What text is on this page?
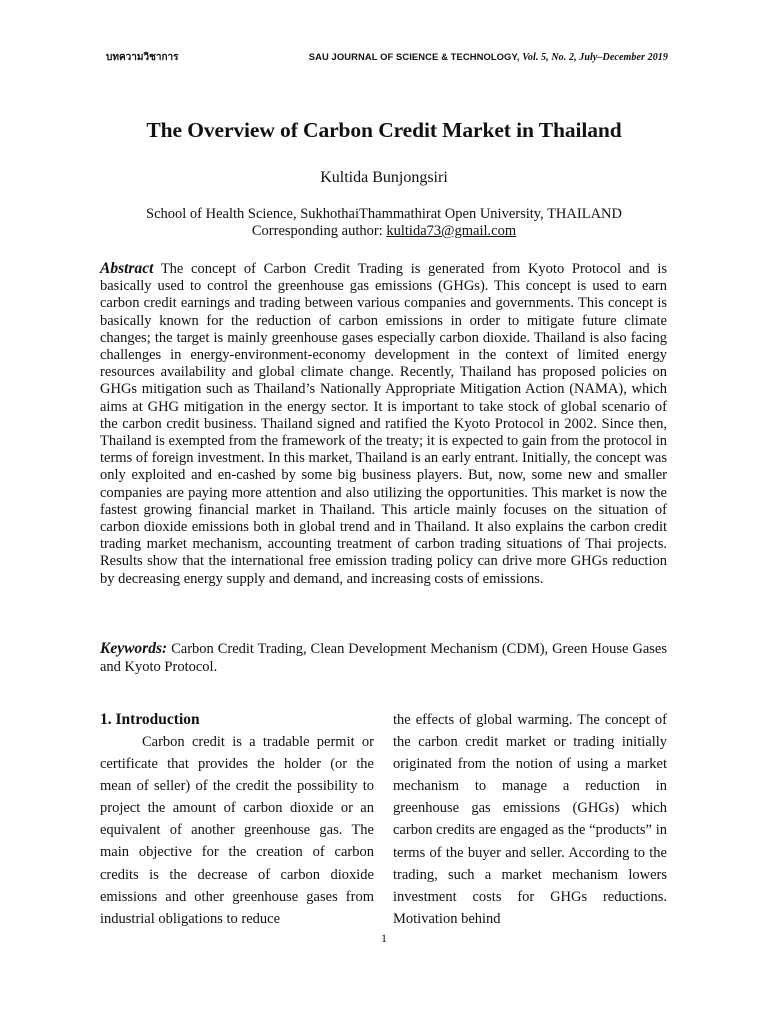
บทความวิชาการ	SAU JOURNAL OF SCIENCE & TECHNOLOGY, Vol. 5, No. 2, July–December 2019
The Overview of Carbon Credit Market in Thailand
Kultida Bunjongsiri
School of Health Science, SukhothaiThammathirat Open University, THAILAND
Corresponding author: kultida73@gmail.com
Abstract The concept of Carbon Credit Trading is generated from Kyoto Protocol and is basically used to control the greenhouse gas emissions (GHGs). This concept is used to earn carbon credit earnings and trading between various companies and governments. This concept is basically known for the reduction of carbon emissions in order to mitigate future climate changes; the target is mainly greenhouse gases especially carbon dioxide. Thailand is also facing challenges in energy-environment-economy development in the context of limited energy resources availability and global climate change. Recently, Thailand has proposed policies on GHGs mitigation such as Thailand’s Nationally Appropriate Mitigation Action (NAMA), which aims at GHG mitigation in the energy sector. It is important to take stock of global scenario of the carbon credit business. Thailand signed and ratified the Kyoto Protocol in 2002. Since then, Thailand is exempted from the framework of the treaty; it is expected to gain from the protocol in terms of foreign investment. In this market, Thailand is an early entrant. Initially, the concept was only exploited and en-cashed by some big business players. But, now, some new and smaller companies are paying more attention and also utilizing the opportunities. This market is now the fastest growing financial market in Thailand. This article mainly focuses on the situation of carbon dioxide emissions both in global trend and in Thailand. It also explains the carbon credit trading market mechanism, accounting treatment of carbon trading situations of Thai projects. Results show that the international free emission trading policy can drive more GHGs reduction by decreasing energy supply and demand, and increasing costs of emissions.
Keywords: Carbon Credit Trading, Clean Development Mechanism (CDM), Green House Gases and Kyoto Protocol.
1. Introduction

Carbon credit is a tradable permit or certificate that provides the holder (or the mean of seller) of the credit the possibility to project the amount of carbon dioxide or an equivalent of another greenhouse gas. The main objective for the creation of carbon credits is the decrease of carbon dioxide emissions and other greenhouse gases from industrial obligations to reduce

the effects of global warming. The concept of the carbon credit market or trading initially originated from the notion of using a market mechanism to manage a reduction in greenhouse gas emissions (GHGs) which carbon credits are engaged as the “products” in terms of the buyer and seller. According to the trading, such a market mechanism lowers investment costs for GHGs reductions. Motivation behind

1
